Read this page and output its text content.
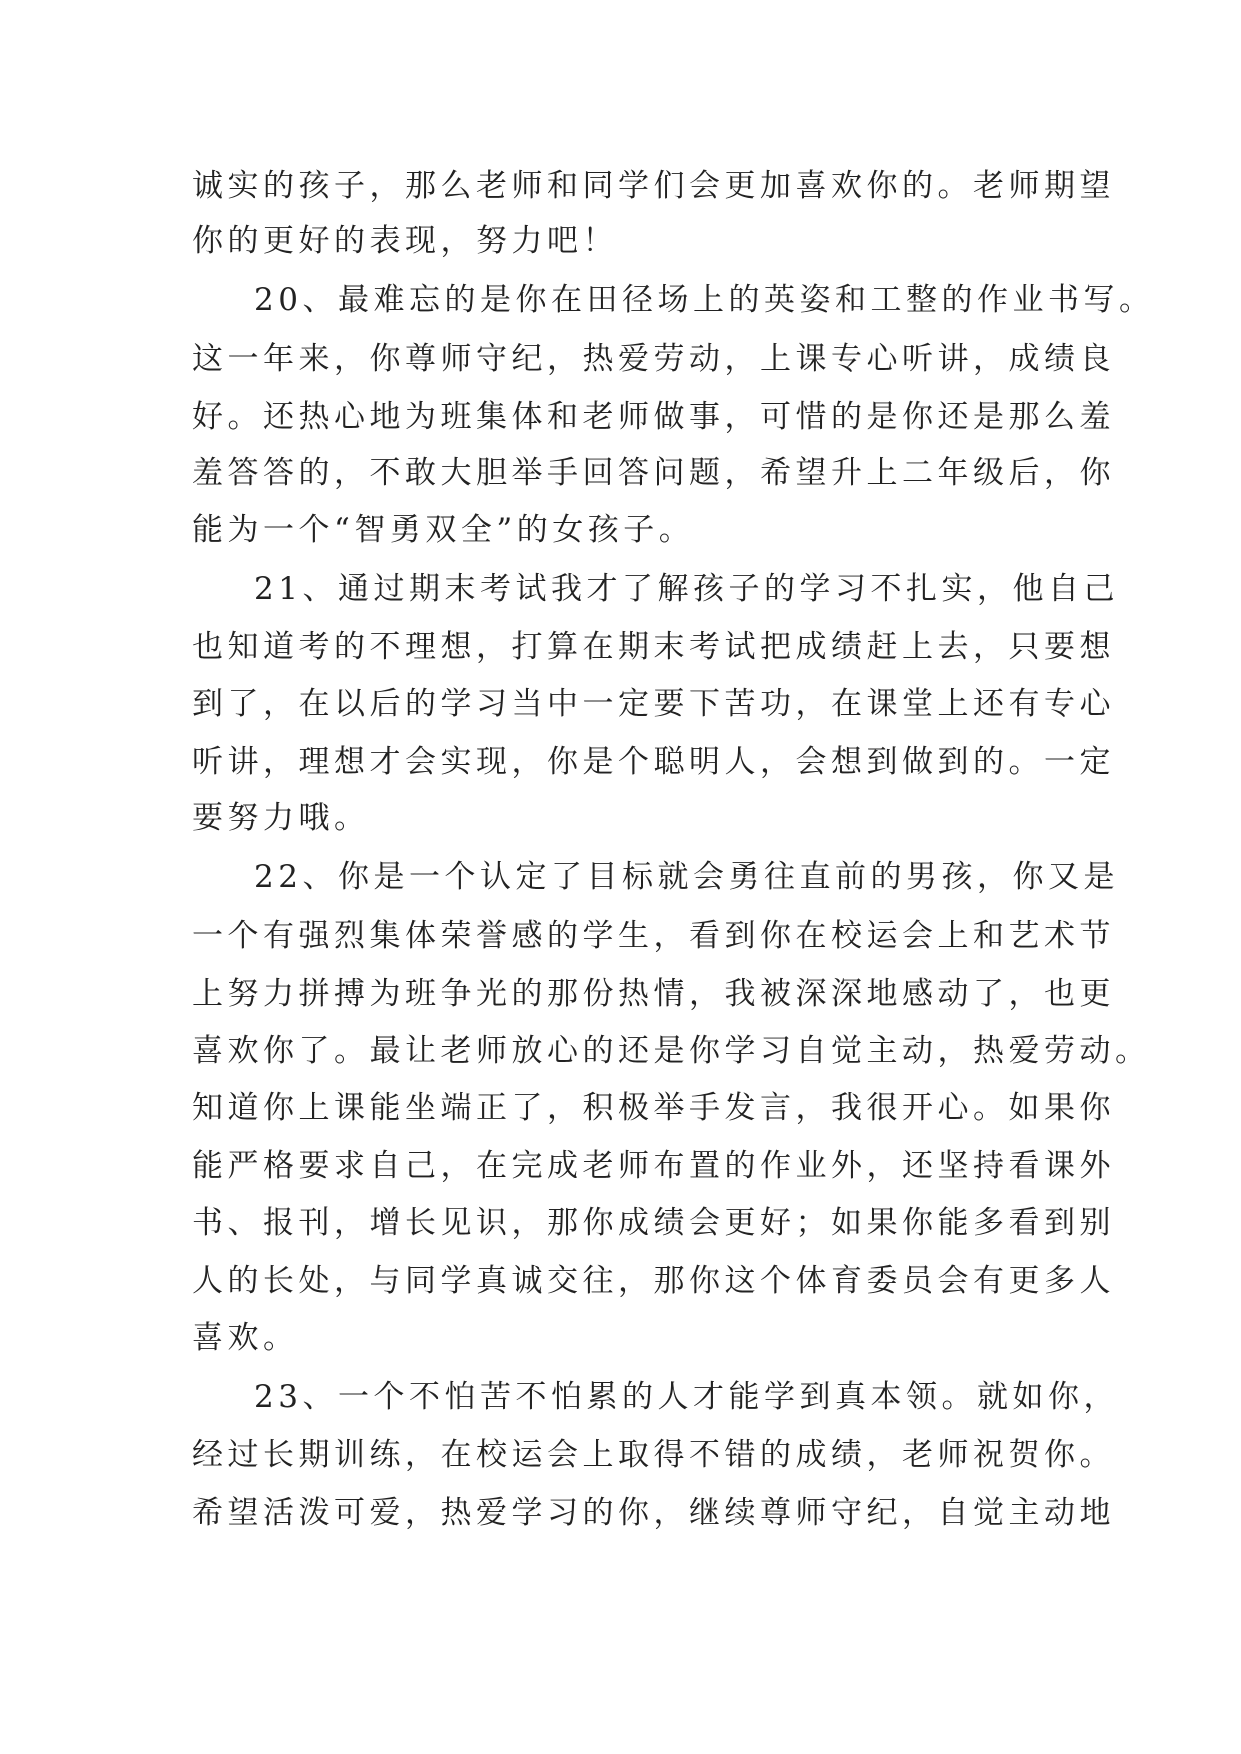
诚实的孩子，那么老师和同学们会更加喜欢你的。老师期望
你的更好的表现，努力吧！
20、最难忘的是你在田径场上的英姿和工整的作业书写。
这一年来，你尊师守纪，热爱劳动，上课专心听讲，成绩良
好。还热心地为班集体和老师做事，可惜的是你还是那么羞
羞答答的，不敢大胆举手回答问题，希望升上二年级后，你
能为一个“智勇双全”的女孩子。
21、通过期末考试我才了解孩子的学习不扎实，他自己
也知道考的不理想，打算在期末考试把成绩赶上去，只要想
到了，在以后的学习当中一定要下苦功，在课堂上还有专心
听讲，理想才会实现，你是个聪明人，会想到做到的。一定
要努力哦。
22、你是一个认定了目标就会勇往直前的男孩，你又是
一个有强烈集体荣誉感的学生，看到你在校运会上和艺术节
上努力拼搏为班争光的那份热情，我被深深地感动了，也更
喜欢你了。最让老师放心的还是你学习自觉主动，热爱劳动。
知道你上课能坐端正了，积极举手发言，我很开心。如果你
能严格要求自己，在完成老师布置的作业外，还坚持看课外
书、报刊，增长见识，那你成绩会更好；如果你能多看到别
人的长处，与同学真诚交往，那你这个体育委员会有更多人
喜欢。
23、一个不怕苦不怕累的人才能学到真本领。就如你，
经过长期训练，在校运会上取得不错的成绩，老师祝贺你。
希望活泼可爱，热爱学习的你，继续尊师守纪，自觉主动地
